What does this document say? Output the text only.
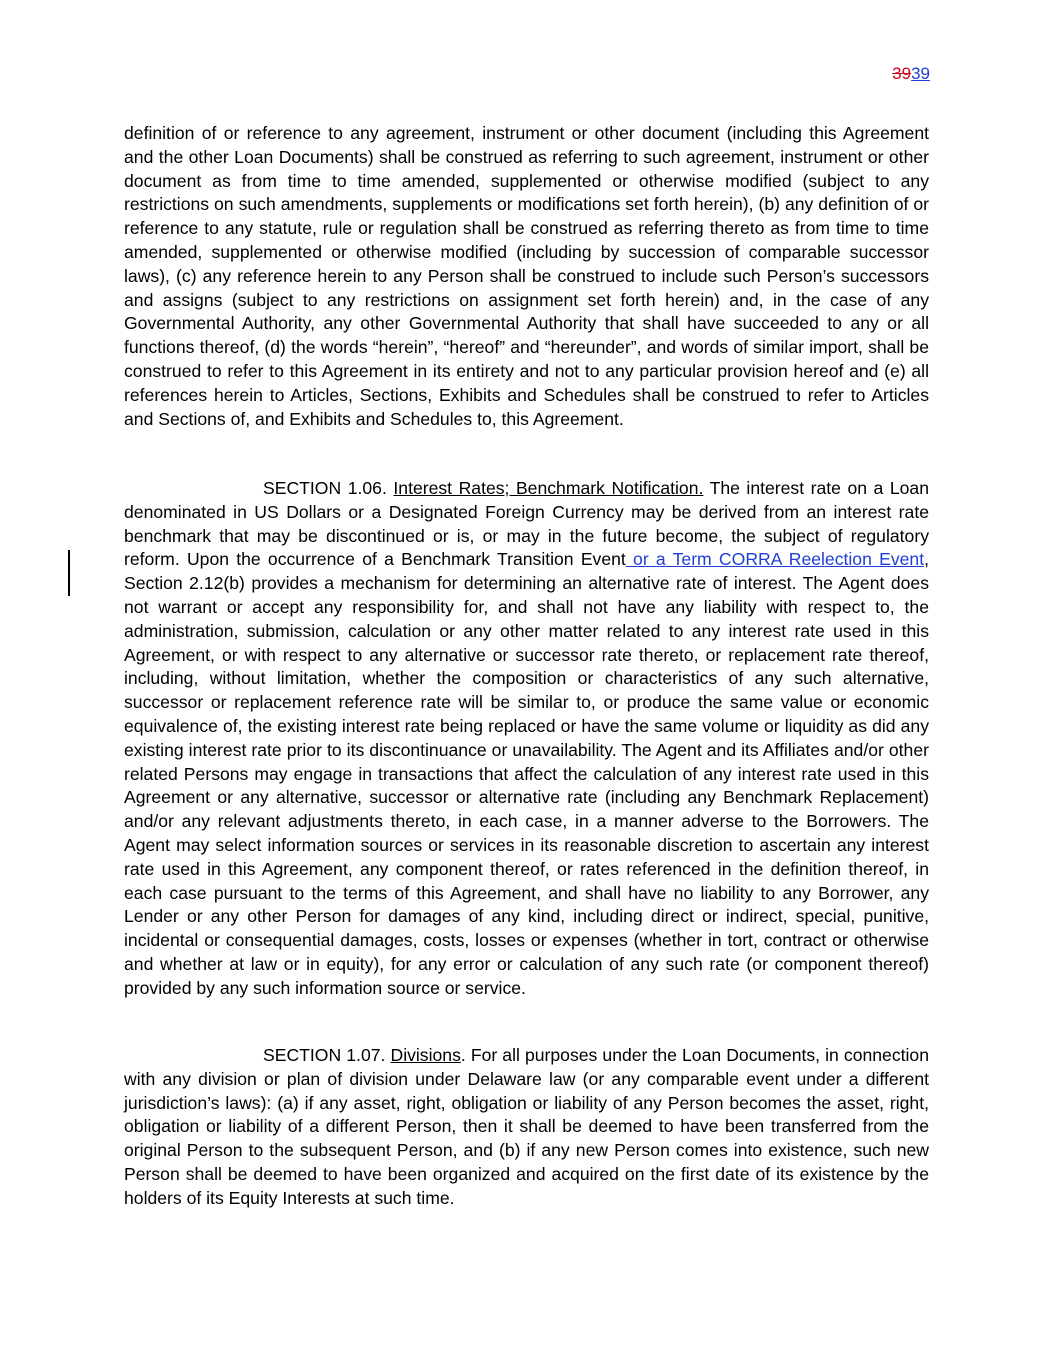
3939

definition of or reference to any agreement, instrument or other document (including this Agreement and the other Loan Documents) shall be construed as referring to such agreement, instrument or other document as from time to time amended, supplemented or otherwise modified (subject to any restrictions on such amendments, supplements or modifications set forth herein), (b) any definition of or reference to any statute, rule or regulation shall be construed as referring thereto as from time to time amended, supplemented or otherwise modified (including by succession of comparable successor laws), (c) any reference herein to any Person shall be construed to include such Person’s successors and assigns (subject to any restrictions on assignment set forth herein) and, in the case of any Governmental Authority, any other Governmental Authority that shall have succeeded to any or all functions thereof, (d) the words “herein”, “hereof” and “hereunder”, and words of similar import, shall be construed to refer to this Agreement in its entirety and not to any particular provision hereof and (e) all references herein to Articles, Sections, Exhibits and Schedules shall be construed to refer to Articles and Sections of, and Exhibits and Schedules to, this Agreement.

SECTION 1.06. Interest Rates; Benchmark Notification. The interest rate on a Loan denominated in US Dollars or a Designated Foreign Currency may be derived from an interest rate benchmark that may be discontinued or is, or may in the future become, the subject of regulatory reform. Upon the occurrence of a Benchmark Transition Event or a Term CORRA Reelection Event, Section 2.12(b) provides a mechanism for determining an alternative rate of interest. The Agent does not warrant or accept any responsibility for, and shall not have any liability with respect to, the administration, submission, calculation or any other matter related to any interest rate used in this Agreement, or with respect to any alternative or successor rate thereto, or replacement rate thereof, including, without limitation, whether the composition or characteristics of any such alternative, successor or replacement reference rate will be similar to, or produce the same value or economic equivalence of, the existing interest rate being replaced or have the same volume or liquidity as did any existing interest rate prior to its discontinuance or unavailability. The Agent and its Affiliates and/or other related Persons may engage in transactions that affect the calculation of any interest rate used in this Agreement or any alternative, successor or alternative rate (including any Benchmark Replacement) and/or any relevant adjustments thereto, in each case, in a manner adverse to the Borrowers. The Agent may select information sources or services in its reasonable discretion to ascertain any interest rate used in this Agreement, any component thereof, or rates referenced in the definition thereof, in each case pursuant to the terms of this Agreement, and shall have no liability to any Borrower, any Lender or any other Person for damages of any kind, including direct or indirect, special, punitive, incidental or consequential damages, costs, losses or expenses (whether in tort, contract or otherwise and whether at law or in equity), for any error or calculation of any such rate (or component thereof) provided by any such information source or service.

SECTION 1.07. Divisions. For all purposes under the Loan Documents, in connection with any division or plan of division under Delaware law (or any comparable event under a different jurisdiction’s laws): (a) if any asset, right, obligation or liability of any Person becomes the asset, right, obligation or liability of a different Person, then it shall be deemed to have been transferred from the original Person to the subsequent Person, and (b) if any new Person comes into existence, such new Person shall be deemed to have been organized and acquired on the first date of its existence by the holders of its Equity Interests at such time.
